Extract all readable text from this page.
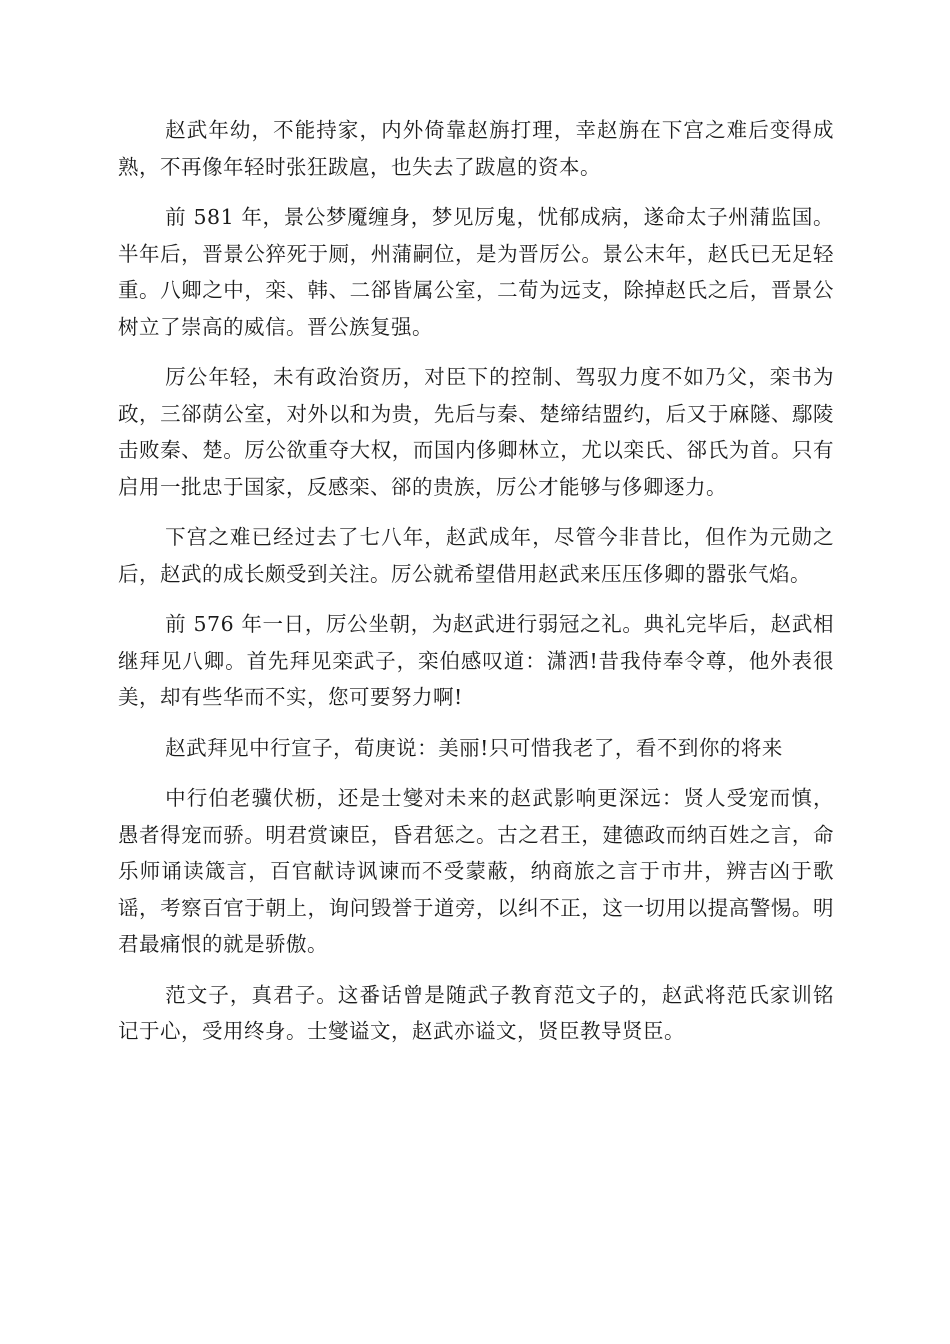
赵武年幼，不能持家，内外倚靠赵旃打理，幸赵旃在下宫之难后变得成熟，不再像年轻时张狂跋扈，也失去了跋扈的资本。

前 581 年，景公梦魇缠身，梦见厉鬼，忧郁成病，遂命太子州蒲监国。半年后，晋景公猝死于厕，州蒲嗣位，是为晋厉公。景公末年，赵氏已无足轻重。八卿之中，栾、韩、二郤皆属公室，二荀为远支，除掉赵氏之后，晋景公树立了崇高的威信。晋公族复强。

厉公年轻，未有政治资历，对臣下的控制、驾驭力度不如乃父，栾书为政，三郤荫公室，对外以和为贵，先后与秦、楚缔结盟约，后又于麻隧、鄢陵击败秦、楚。厉公欲重夺大权，而国内侈卿林立，尤以栾氏、郤氏为首。只有启用一批忠于国家，反感栾、郤的贵族，厉公才能够与侈卿逐力。

下宫之难已经过去了七八年，赵武成年，尽管今非昔比，但作为元勋之后，赵武的成长颇受到关注。厉公就希望借用赵武来压压侈卿的嚣张气焰。

前 576 年一日，厉公坐朝，为赵武进行弱冠之礼。典礼完毕后，赵武相继拜见八卿。首先拜见栾武子，栾伯感叹道：潇洒!昔我侍奉令尊，他外表很美，却有些华而不实，您可要努力啊!

赵武拜见中行宣子，荀庚说：美丽!只可惜我老了，看不到你的将来

中行伯老骥伏枥，还是士燮对未来的赵武影响更深远：贤人受宠而慎，愚者得宠而骄。明君赏谏臣，昏君惩之。古之君王，建德政而纳百姓之言，命乐师诵读箴言，百官献诗讽谏而不受蒙蔽，纳商旅之言于市井，辨吉凶于歌谣，考察百官于朝上，询问毁誉于道旁，以纠不正，这一切用以提高警惕。明君最痛恨的就是骄傲。

范文子，真君子。这番话曾是随武子教育范文子的，赵武将范氏家训铭记于心，受用终身。士燮谥文，赵武亦谥文，贤臣教导贤臣。
